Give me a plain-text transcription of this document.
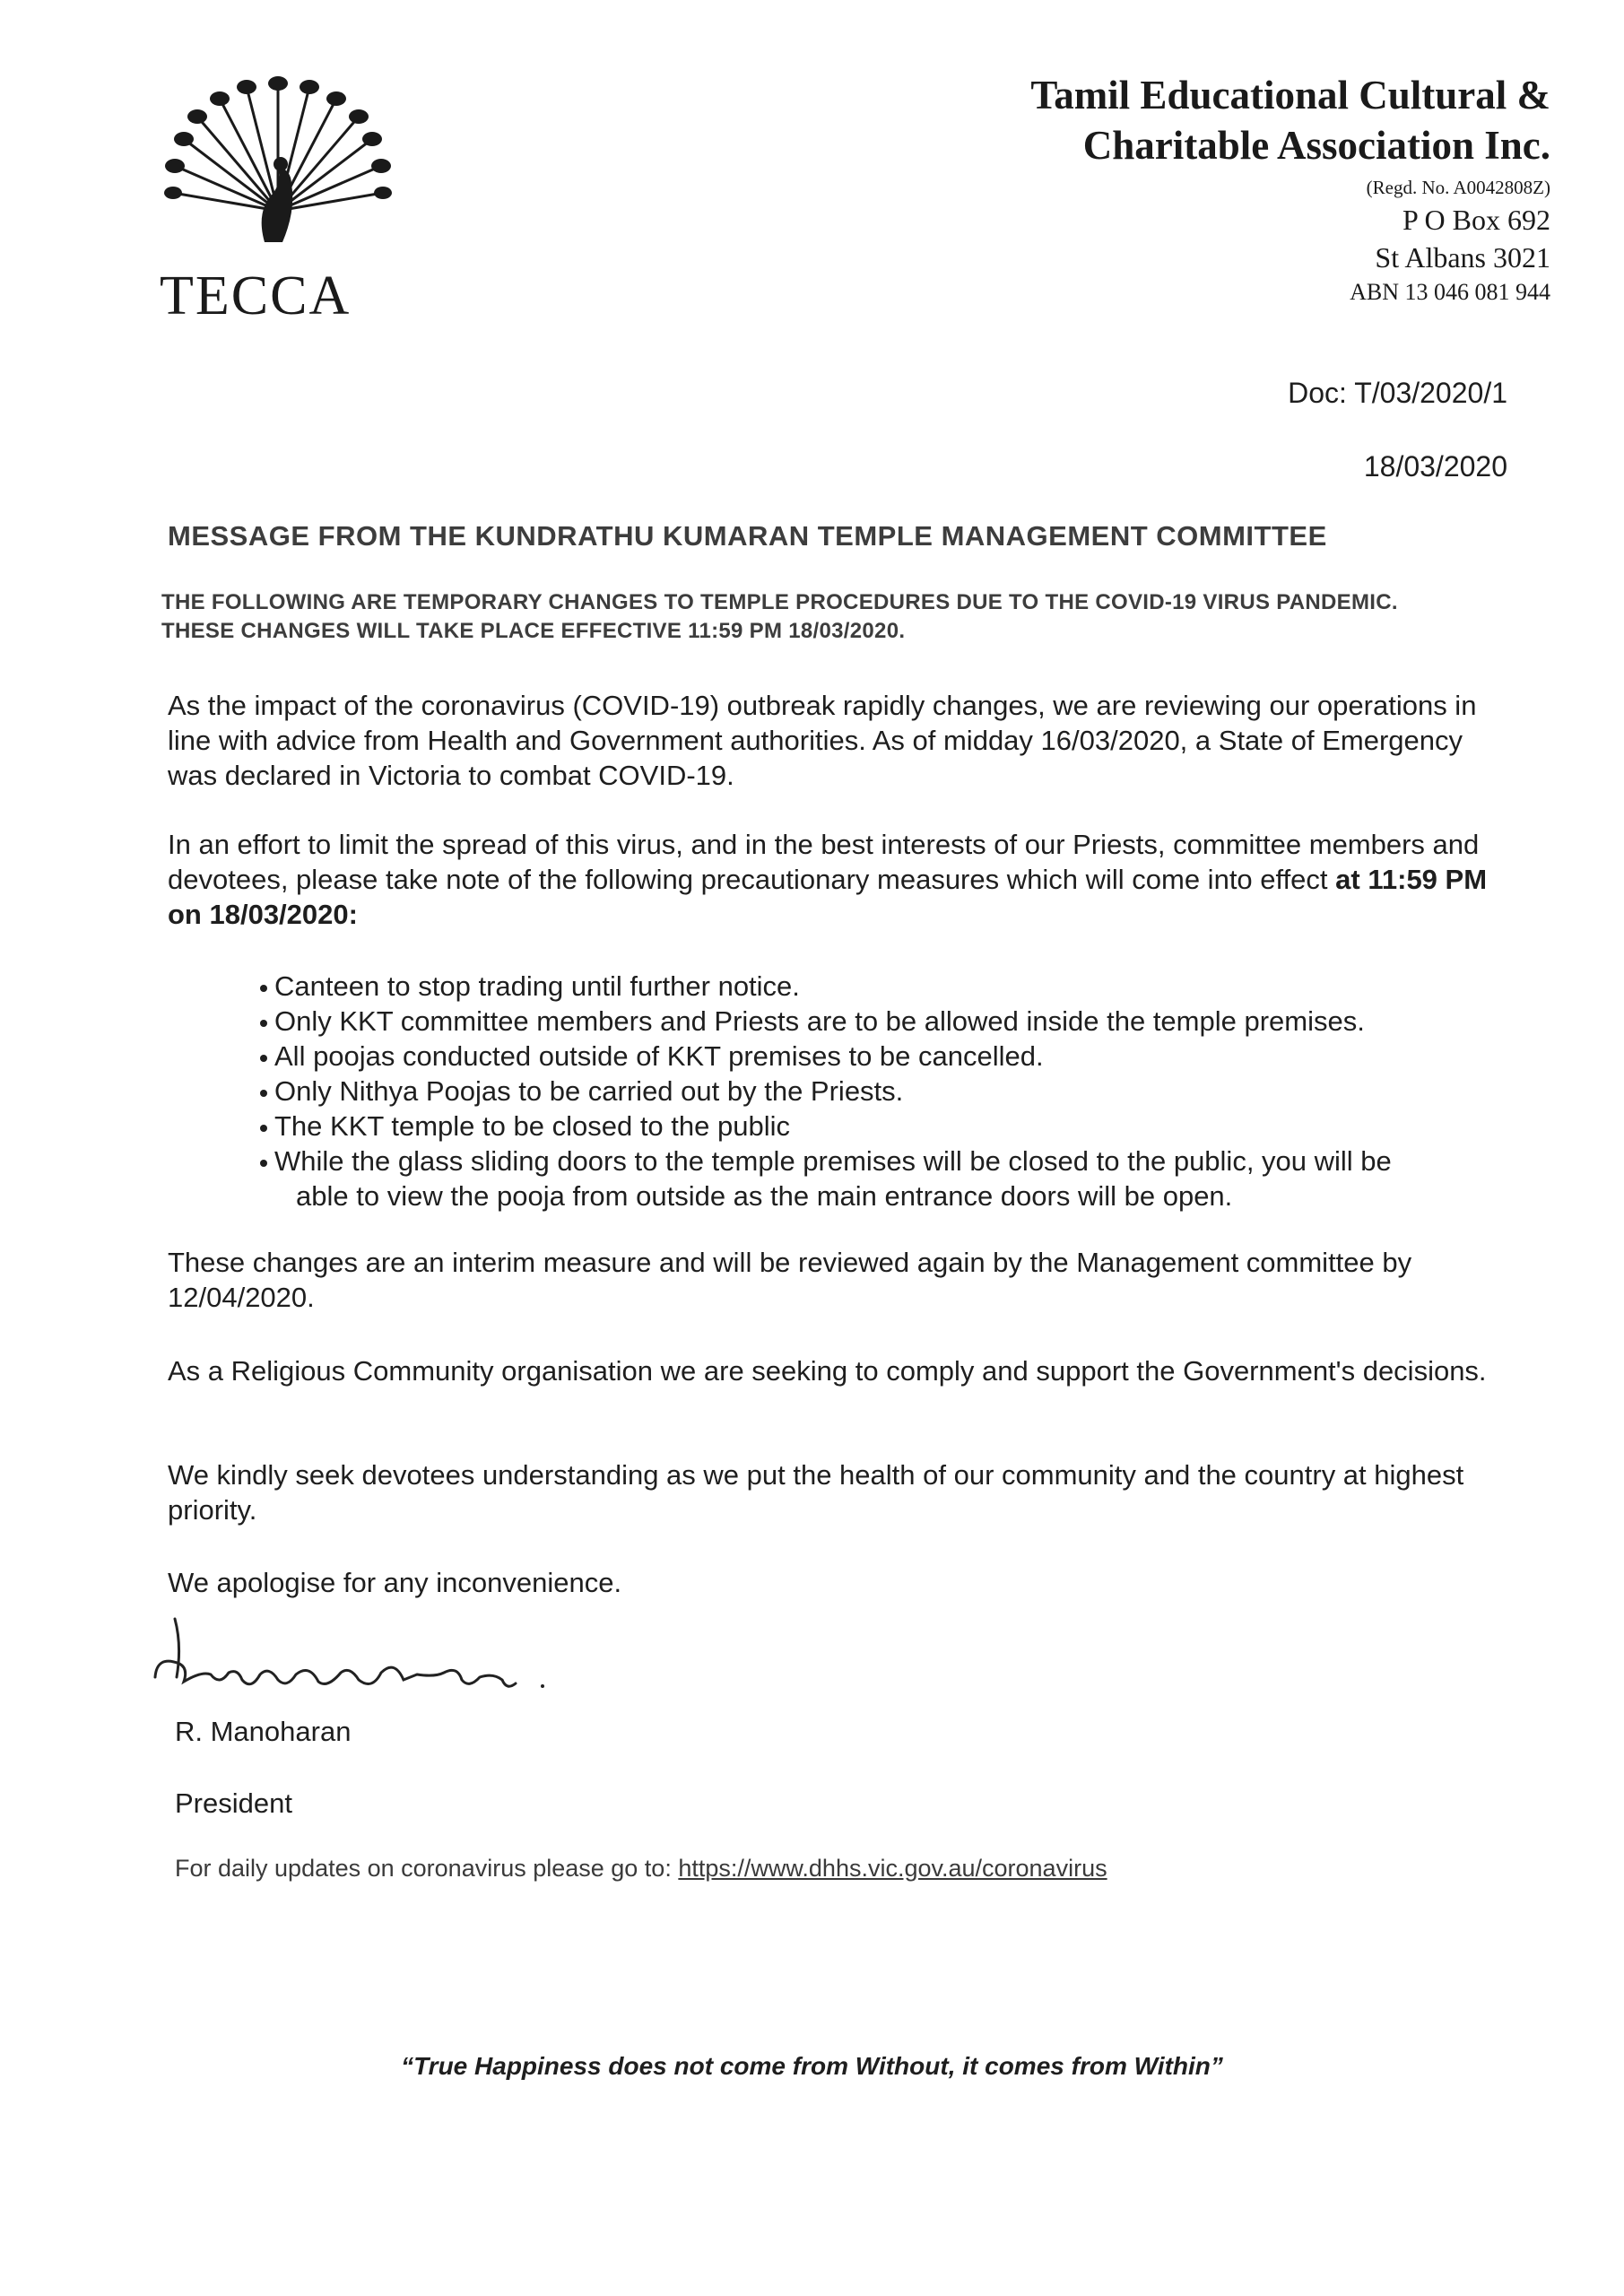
TECCA
Tamil Educational Cultural &
Charitable Association Inc.
(Regd. No. A0042808Z)
P O Box 692
St Albans 3021
ABN 13 046 081 944
Doc: T/03/2020/1
18/03/2020
MESSAGE FROM THE KUNDRATHU KUMARAN TEMPLE MANAGEMENT COMMITTEE
THE FOLLOWING ARE TEMPORARY CHANGES TO TEMPLE PROCEDURES DUE TO THE COVID-19 VIRUS PANDEMIC. THESE CHANGES WILL TAKE PLACE EFFECTIVE 11:59 PM 18/03/2020.
As the impact of the coronavirus (COVID-19) outbreak rapidly changes, we are reviewing our operations in line with advice from Health and Government authorities. As of midday 16/03/2020, a State of Emergency was declared in Victoria to combat COVID-19.
In an effort to limit the spread of this virus, and in the best interests of our Priests, committee members and devotees, please take note of the following precautionary measures which will come into effect at 11:59 PM on 18/03/2020:
Canteen to stop trading until further notice.
Only KKT committee members and Priests are to be allowed inside the temple premises.
All poojas conducted outside of KKT premises to be cancelled.
Only Nithya Poojas to be carried out by the Priests.
The KKT temple to be closed to the public
While the glass sliding doors to the temple premises will be closed to the public, you will be
able to view the pooja from outside as the main entrance doors will be open.
These changes are an interim measure and will be reviewed again by the Management committee by 12/04/2020.
As a Religious Community organisation we are seeking to comply and support the Government's decisions.
We kindly seek devotees understanding as we put the health of our community and the country at highest priority.
We apologise for any inconvenience.
R. Manoharan
President
For daily updates on coronavirus please go to: https://www.dhhs.vic.gov.au/coronavirus
“True Happiness does not come from Without, it comes from Within”
